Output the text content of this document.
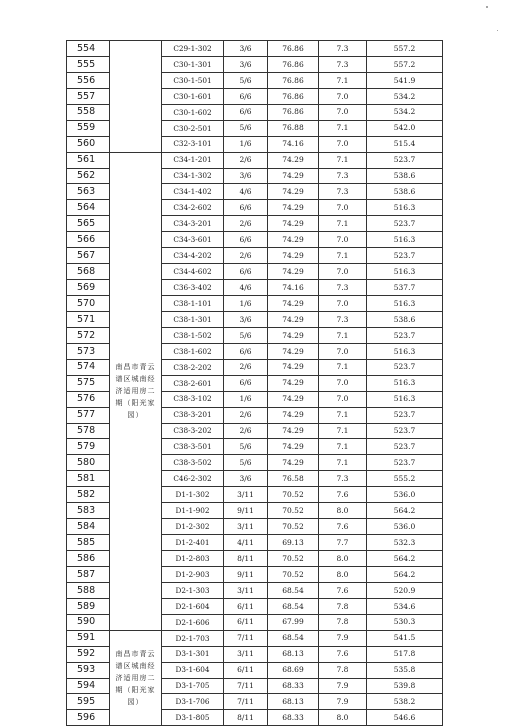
554		C29-1-302	3/6	76.86	7.3	557.2
555		C30-1-301	3/6	76.86	7.3	557.2
556		C30-1-501	5/6	76.86	7.1	541.9
557		C30-1-601	6/6	76.86	7.0	534.2
558		C30-1-602	6/6	76.86	7.0	534.2
559		C30-2-501	5/6	76.88	7.1	542.0
560		C32-3-101	1/6	74.16	7.0	515.4
561	南昌市青云谱区城南经济适用房二期（阳光家园）	C34-1-201	2/6	74.29	7.1	523.7
562		C34-1-302	3/6	74.29	7.3	538.6
563		C34-1-402	4/6	74.29	7.3	538.6
564		C34-2-602	6/6	74.29	7.0	516.3
565		C34-3-201	2/6	74.29	7.1	523.7
566		C34-3-601	6/6	74.29	7.0	516.3
567		C34-4-202	2/6	74.29	7.1	523.7
568		C34-4-602	6/6	74.29	7.0	516.3
569		C36-3-402	4/6	74.16	7.3	537.7
570		C38-1-101	1/6	74.29	7.0	516.3
571		C38-1-301	3/6	74.29	7.3	538.6
572		C38-1-502	5/6	74.29	7.1	523.7
573		C38-1-602	6/6	74.29	7.0	516.3
574		C38-2-202	2/6	74.29	7.1	523.7
575		C38-2-601	6/6	74.29	7.0	516.3
576		C38-3-102	1/6	74.29	7.0	516.3
577		C38-3-201	2/6	74.29	7.1	523.7
578		C38-3-202	2/6	74.29	7.1	523.7
579		C38-3-501	5/6	74.29	7.1	523.7
580		C38-3-502	5/6	74.29	7.1	523.7
581		C46-2-302	3/6	76.58	7.3	555.2
582		D1-1-302	3/11	70.52	7.6	536.0
583		D1-1-902	9/11	70.52	8.0	564.2
584		D1-2-302	3/11	70.52	7.6	536.0
585		D1-2-401	4/11	69.13	7.7	532.3
586		D1-2-803	8/11	70.52	8.0	564.2
587		D1-2-903	9/11	70.52	8.0	564.2
588		D2-1-303	3/11	68.54	7.6	520.9
589		D2-1-604	6/11	68.54	7.8	534.6
590		D2-1-606	6/11	67.99	7.8	530.3
591	南昌市青云谱区城南经济适用房二期（阳光家园）	D2-1-703	7/11	68.54	7.9	541.5
592		D3-1-301	3/11	68.13	7.6	517.8
593		D3-1-604	6/11	68.69	7.8	535.8
594		D3-1-705	7/11	68.33	7.9	539.8
595		D3-1-706	7/11	68.13	7.9	538.2
596		D3-1-805	8/11	68.33	8.0	546.6
